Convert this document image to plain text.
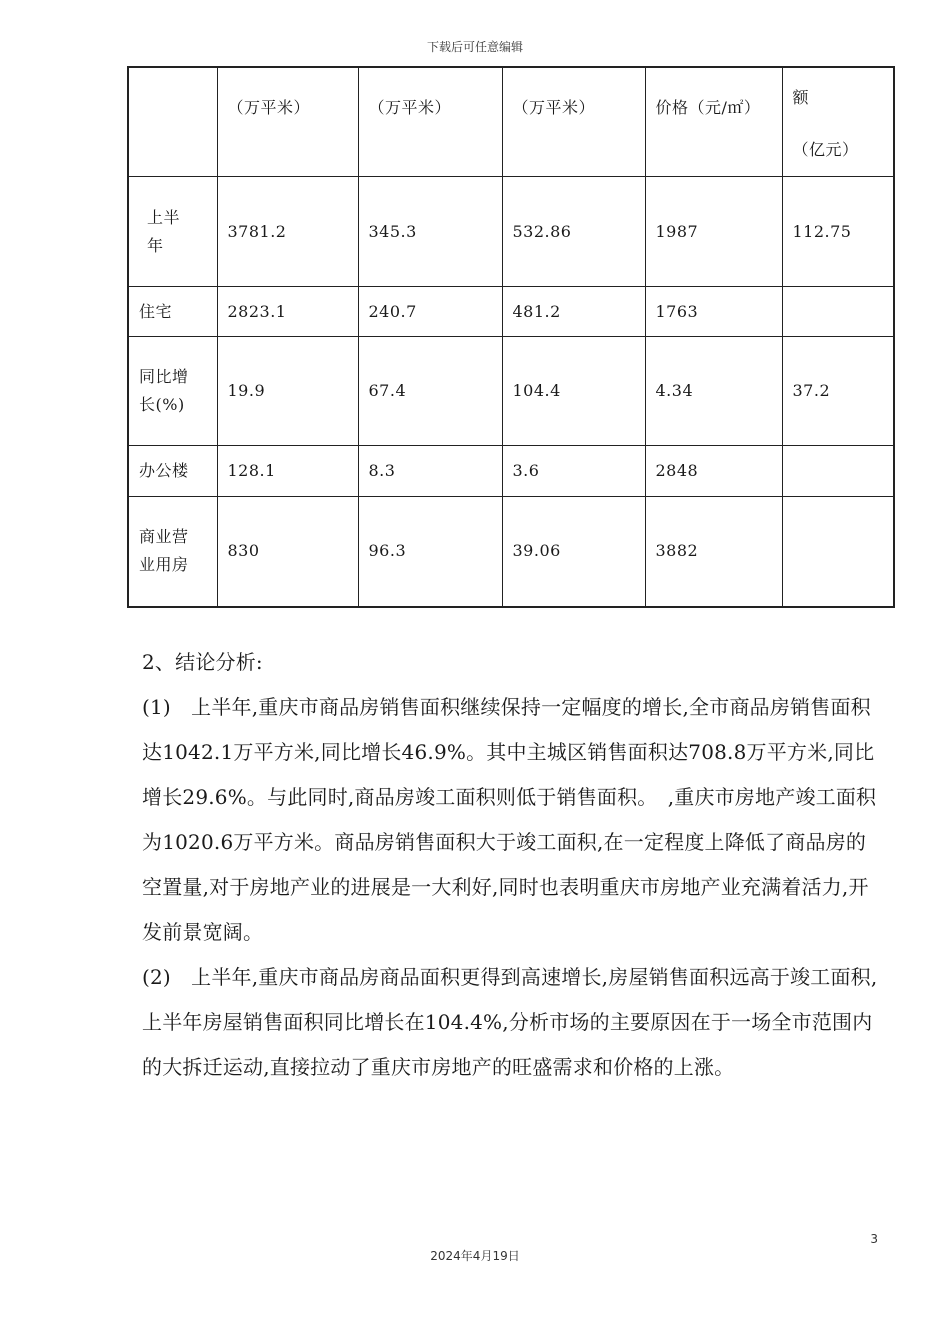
下载后可任意编辑
	（万平米）	（万平米）	（万平米）	价格（元/㎡）	额
（亿元）
上半
年	3781.2	345.3	532.86	1987	112.75
住宅	2823.1	240.7	481.2	1763	
同比增
长(%)	19.9	67.4	104.4	4.34	37.2
办公楼	128.1	8.3	3.6	2848	
商业营
业用房	830	96.3	39.06	3882	

2、结论分析:

(1)　上半年,重庆市商品房销售面积继续保持一定幅度的增长,全市商品房销售面积达1042.1万平方米,同比增长46.9%。其中主城区销售面积达708.8万平方米,同比增长29.6%。与此同时,商品房竣工面积则低于销售面积。　,重庆市房地产竣工面积为1020.6万平方米。商品房销售面积大于竣工面积,在一定程度上降低了商品房的空置量,对于房地产业的进展是一大利好,同时也表明重庆市房地产业充满着活力,开发前景宽阔。

(2)　上半年,重庆市商品房商品面积更得到高速增长,房屋销售面积远高于竣工面积,　上半年房屋销售面积同比增长在104.4%,分析市场的主要原因在于一场全市范围内的大拆迁运动,直接拉动了重庆市房地产的旺盛需求和价格的上涨。

3
2024年4月19日
